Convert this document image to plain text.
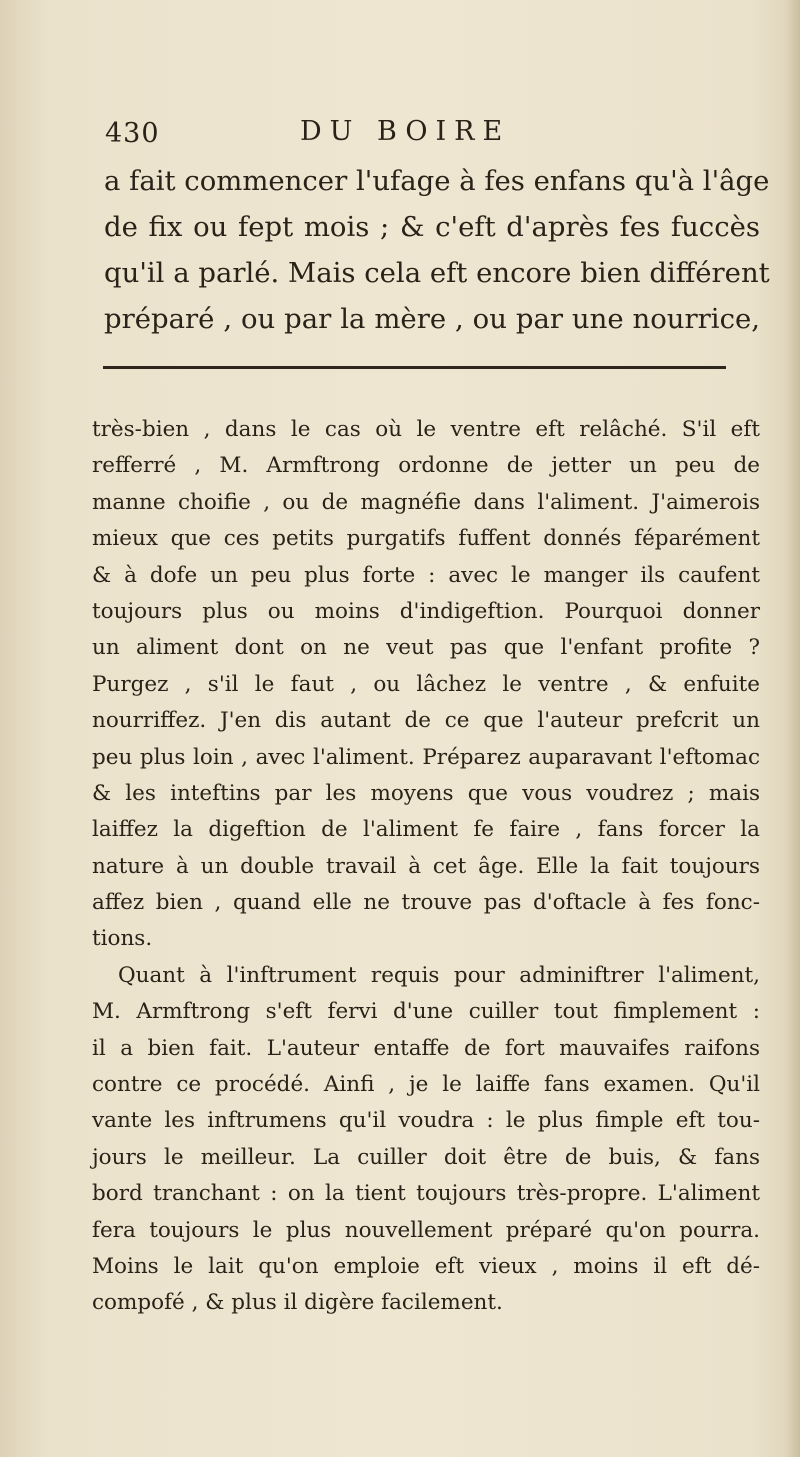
430	DU BOIRE
a fait commencer l'ufage à fes enfans qu'à l'âge
de fix ou fept mois ; & c'eft d'après fes fuccès
qu'il a parlé. Mais cela eft encore bien différent
préparé , ou par la mère , ou par une nourrice,
très-bien , dans le cas où le ventre eft relâché. S'il eft
refferré , M. Armftrong ordonne de jetter un peu de
manne choifie , ou de magnéfie dans l'aliment. J'aimerois
mieux que ces petits purgatifs fuffent donnés féparément
& à dofe un peu plus forte : avec le manger ils caufent
toujours plus ou moins d'indigeftion. Pourquoi donner
un aliment dont on ne veut pas que l'enfant profite ?
Purgez , s'il le faut , ou lâchez le ventre , & enfuite
nourriffez. J'en dis autant de ce que l'auteur prefcrit un
peu plus loin , avec l'aliment. Préparez auparavant l'eftomac
& les inteftins par les moyens que vous voudrez ; mais
laiffez la digeftion de l'aliment fe faire , fans forcer la
nature à un double travail à cet âge. Elle la fait toujours
affez bien , quand elle ne trouve pas d'oftacle à fes fonc-
tions.
Quant à l'inftrument requis pour adminiftrer l'aliment,
M. Armftrong s'eft fervi d'une cuiller tout fimplement :
il a bien fait. L'auteur entaffe de fort mauvaifes raifons
contre ce procédé. Ainfi , je le laiffe fans examen. Qu'il
vante les inftrumens qu'il voudra : le plus fimple eft tou-
jours le meilleur. La cuiller doit être de buis, & fans
bord tranchant : on la tient toujours très-propre. L'aliment
fera toujours le plus nouvellement préparé qu'on pourra.
Moins le lait qu'on emploie eft vieux , moins il eft dé-
compofé , & plus il digère facilement.
